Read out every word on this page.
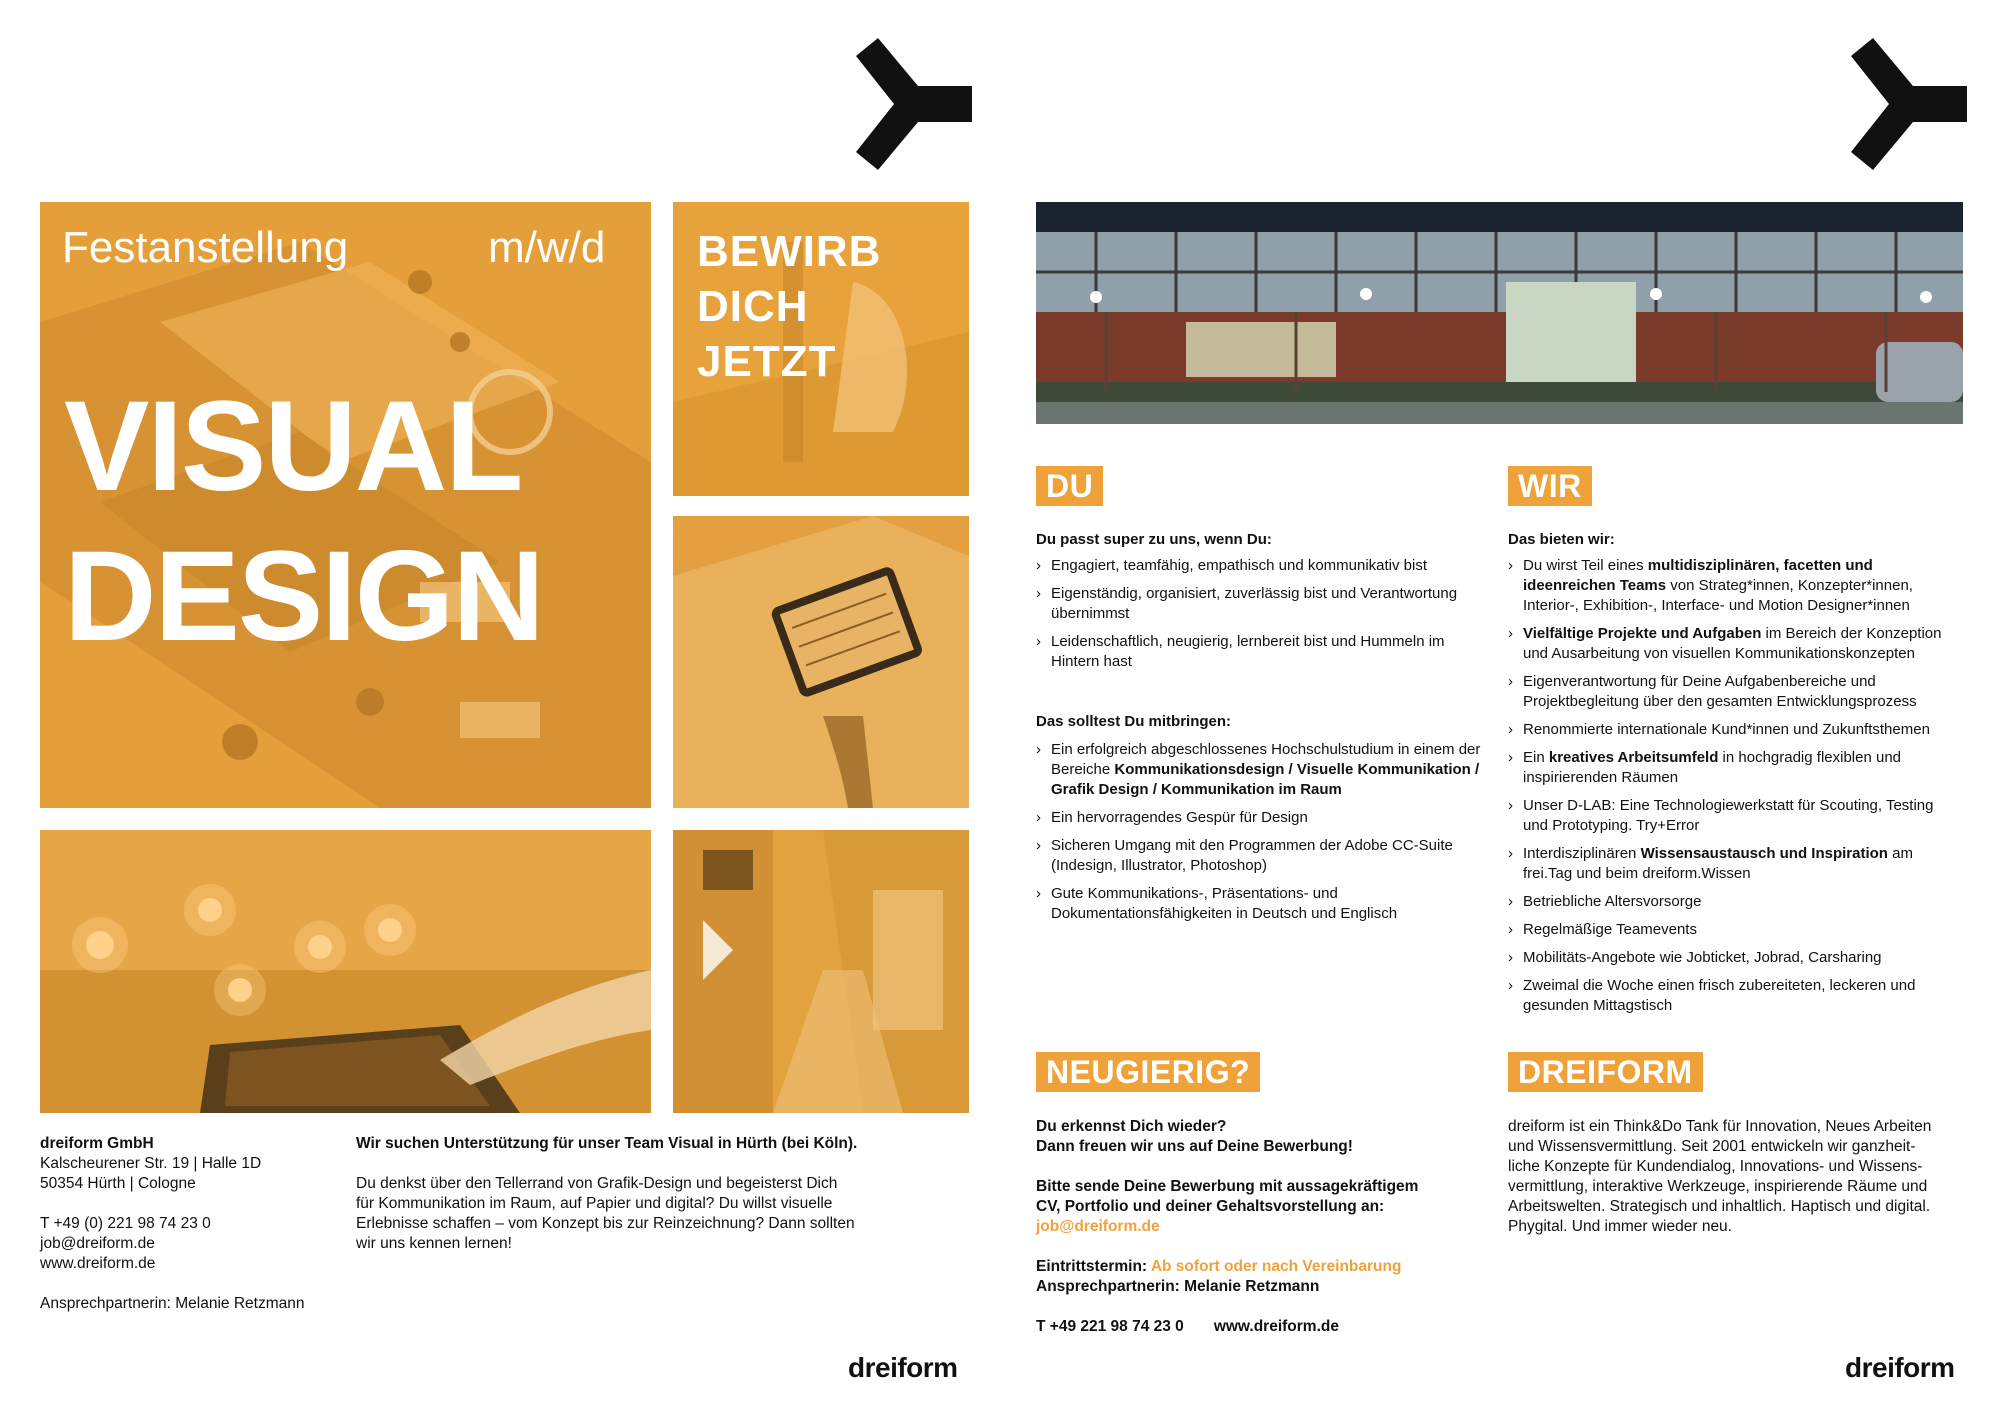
Festanstellung	m/w/d
VISUAL
DESIGN
BEWIRB
DICH
JETZT
dreiform GmbH
Kalscheurener Str. 19 | Halle 1D
50354 Hürth | Cologne
T +49 (0) 221 98 74 23 0
job@dreiform.de
www.dreiform.de
Ansprechpartnerin: Melanie Retzmann
Wir suchen Unterstützung für unser Team Visual in Hürth (bei Köln).
Du denkst über den Tellerrand von Grafik-Design und begeisterst Dich
für Kommunikation im Raum, auf Papier und digital? Du willst visuelle
Erlebnisse schaffen – vom Konzept bis zur Reinzeichnung? Dann sollten
wir uns kennen lernen!
dreiform
DU
Du passt super zu uns, wenn Du:
› Engagiert, teamfähig, empathisch und kommunikativ bist
› Eigenständig, organisiert, zuverlässig bist und Verantwortung übernimmst
› Leidenschaftlich, neugierig, lernbereit bist und Hummeln im Hintern hast
Das solltest Du mitbringen:
› Ein erfolgreich abgeschlossenes Hochschulstudium in einem der Bereiche Kommunikationsdesign / Visuelle Kommunikation / Grafik Design / Kommunikation im Raum
› Ein hervorragendes Gespür für Design
› Sicheren Umgang mit den Programmen der Adobe CC-Suite (Indesign, Illustrator, Photoshop)
› Gute Kommunikations-, Präsentations- und Dokumentationsfähigkeiten in Deutsch und Englisch
WIR
Das bieten wir:
› Du wirst Teil eines multidisziplinären, facetten und ideenreichen Teams von Strateg*innen, Konzepter*innen, Interior-, Exhibition-, Interface- und Motion Designer*innen
› Vielfältige Projekte und Aufgaben im Bereich der Konzeption und Ausarbeitung von visuellen Kommunikationskonzepten
› Eigenverantwortung für Deine Aufgabenbereiche und Projektbegleitung über den gesamten Entwicklungsprozess
› Renommierte internationale Kund*innen und Zukunftsthemen
› Ein kreatives Arbeitsumfeld in hochgradig flexiblen und inspirierenden Räumen
› Unser D-LAB: Eine Technologiewerkstatt für Scouting, Testing und Prototyping. Try+Error
› Interdisziplinären Wissensaustausch und Inspiration am frei.Tag und beim dreiform.Wissen
› Betriebliche Altersvorsorge
› Regelmäßige Teamevents
› Mobilitäts-Angebote wie Jobticket, Jobrad, Carsharing
› Zweimal die Woche einen frisch zubereiteten, leckeren und gesunden Mittagstisch
NEUGIERIG?
Du erkennst Dich wieder?
Dann freuen wir uns auf Deine Bewerbung!
Bitte sende Deine Bewerbung mit aussagekräftigem
CV, Portfolio und deiner Gehaltsvorstellung an:
job@dreiform.de
Eintrittstermin: Ab sofort oder nach Vereinbarung
Ansprechpartnerin: Melanie Retzmann
T +49 221 98 74 23 0 www.dreiform.de
DREIFORM
dreiform ist ein Think&Do Tank für Innovation, Neues Arbeiten
und Wissensvermittlung. Seit 2001 entwickeln wir ganzheit-
liche Konzepte für Kundendialog, Innovations- und Wissens-
vermittlung, interaktive Werkzeuge, inspirierende Räume und
Arbeitswelten. Strategisch und inhaltlich. Haptisch und digital.
Phygital. Und immer wieder neu.
dreiform
